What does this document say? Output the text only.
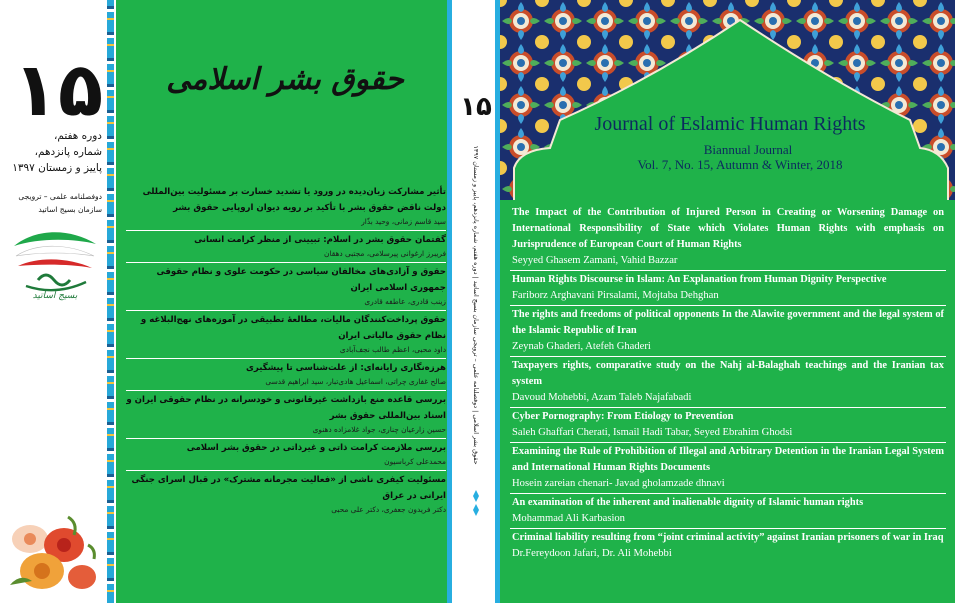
۱۵
دوره هفتم،
شماره پانزدهم،
پاییز و زمستان ۱۳۹۷
دوفصلنامه علمی – ترویجی
سازمان بسیج اساتید
بسیج اساتید
حقوق بشر اسلامی
تأثیر مشارکت زیان‌دیده در ورود یا تشدید خسارت بر مسئولیت بین‌المللی دولت ناقض حقوق بشر با تأکید بر رویه دیوان اروپایی حقوق بشر
سید قاسم زمانی، وحید بذّار
گفتمان حقوق بشر در اسلام: تبیینی از منظر کرامت انسانی
فریبرز ارغوانی پیرسلامی، مجتبی دهقان
حقوق و آزادی‌های مخالفان سیاسی در حکومت علوی و نظام حقوقی جمهوری اسلامی ایران
زینب قادری، عاطفه قادری
حقوق پرداخت‌کنندگان مالیات، مطالعهٔ تطبیقی در آموزه‌های نهج‌البلاغه و نظام حقوق مالیاتی ایران
داود محبی، اعظم طالب نجف‌آبادی
هرزه‌نگاری رایانه‌ای: از علت‌شناسی تا پیشگیری
صالح غفاری چراتی، اسماعیل هادی‌تبار، سید ابراهیم قدسی
بررسی قاعده منع بازداشت غیرقانونی و خودسرانه در نظام حقوقی ایران و اسناد بین‌المللی حقوق بشر
حسین زارعیان چناری، جواد غلامزاده دهنوی
بررسی ملازمت کرامت ذاتی و غیرذاتی در حقوق بشر اسلامی
محمدعلی کرباسیون
مسئولیت کیفری ناشی از «فعالیت مجرمانه مشترک» در قبال اسرای جنگی ایرانی در عراق
دکتر فریدون جعفری، دکتر علی محبی
۱۵
حقوق بشر اسلامی | دوفصلنامه علمی – ترویجی سازمان بسیج اساتید | دوره هفتم، شماره پانزدهم، پاییز و زمستان ۱۳۹۷
Journal of Eslamic Human Rights
Biannual Journal
Vol. 7, No. 15, Autumn & Winter, 2018
The Impact of the Contribution of Injured Person in Creating or Worsening Damage on International Responsibility of State which Violates Human Rights with emphasis on Jurisprudence of European Court of Human Rights
Seyyed Ghasem Zamani, Vahid Bazzar
Human Rights Discourse in Islam: An Explanation from Human Dignity Perspective
Fariborz Arghavani Pirsalami, Mojtaba Dehghan
The rights and freedoms of political opponents In the Alawite government and the legal system of the Islamic Republic of Iran
Zeynab Ghaderi, Atefeh Ghaderi
Taxpayers rights, comparative study on the Nahj al-Balaghah teachings and the Iranian tax system
Davoud Mohebbi, Azam Taleb Najafabadi
Cyber Pornography: From Etiology to Prevention
Saleh Ghaffari Cherati, Ismail Hadi Tabar, Seyed Ebrahim Ghodsi
Examining the Rule of Prohibition of Illegal and Arbitrary Detention in the Iranian Legal System and International Human Rights Documents
Hosein zareian chenari- Javad gholamzade dhnavi
An examination of the inherent and inalienable dignity of Islamic human rights
Mohammad Ali Karbasion
Criminal liability resulting from “joint criminal activity” against Iranian prisoners of war in Iraq
Dr.Fereydoon Jafari, Dr. Ali Mohebbi
